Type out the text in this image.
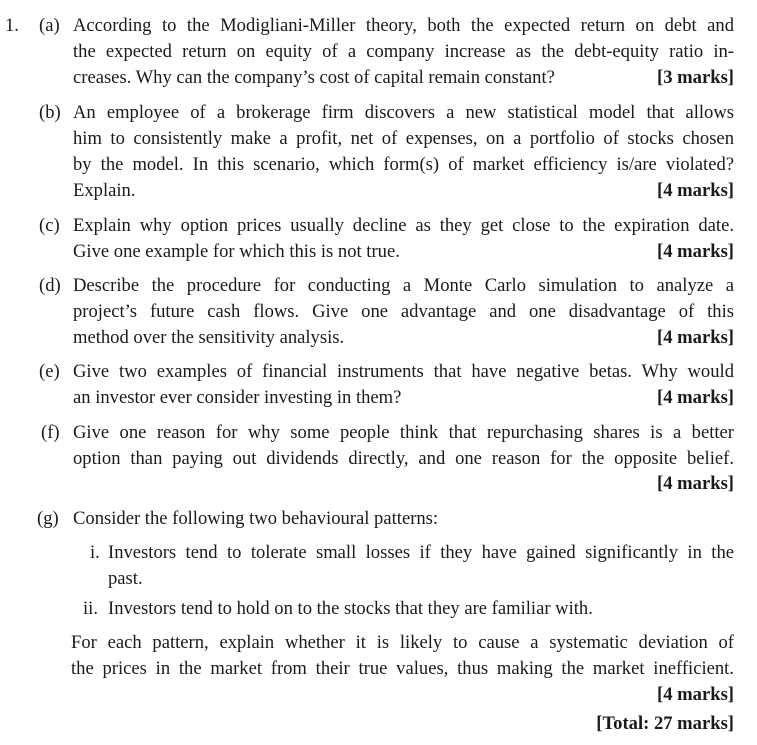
1. (a) According to the Modigliani-Miller theory, both the expected return on debt and
the expected return on equity of a company increase as the debt-equity ratio in-
creases. Why can the company’s cost of capital remain constant?	[3 marks]
(b) An employee of a brokerage firm discovers a new statistical model that allows
him to consistently make a profit, net of expenses, on a portfolio of stocks chosen
by the model. In this scenario, which form(s) of market efficiency is/are violated?
Explain.	[4 marks]
(c) Explain why option prices usually decline as they get close to the expiration date.
Give one example for which this is not true.	[4 marks]
(d) Describe the procedure for conducting a Monte Carlo simulation to analyze a
project’s future cash flows. Give one advantage and one disadvantage of this
method over the sensitivity analysis.	[4 marks]
(e) Give two examples of financial instruments that have negative betas. Why would
an investor ever consider investing in them?	[4 marks]
(f) Give one reason for why some people think that repurchasing shares is a better
option than paying out dividends directly, and one reason for the opposite belief.
[4 marks]
(g) Consider the following two behavioural patterns:
i. Investors tend to tolerate small losses if they have gained significantly in the
past.
ii. Investors tend to hold on to the stocks that they are familiar with.
For each pattern, explain whether it is likely to cause a systematic deviation of
the prices in the market from their true values, thus making the market inefficient.
[4 marks]
[Total: 27 marks]
